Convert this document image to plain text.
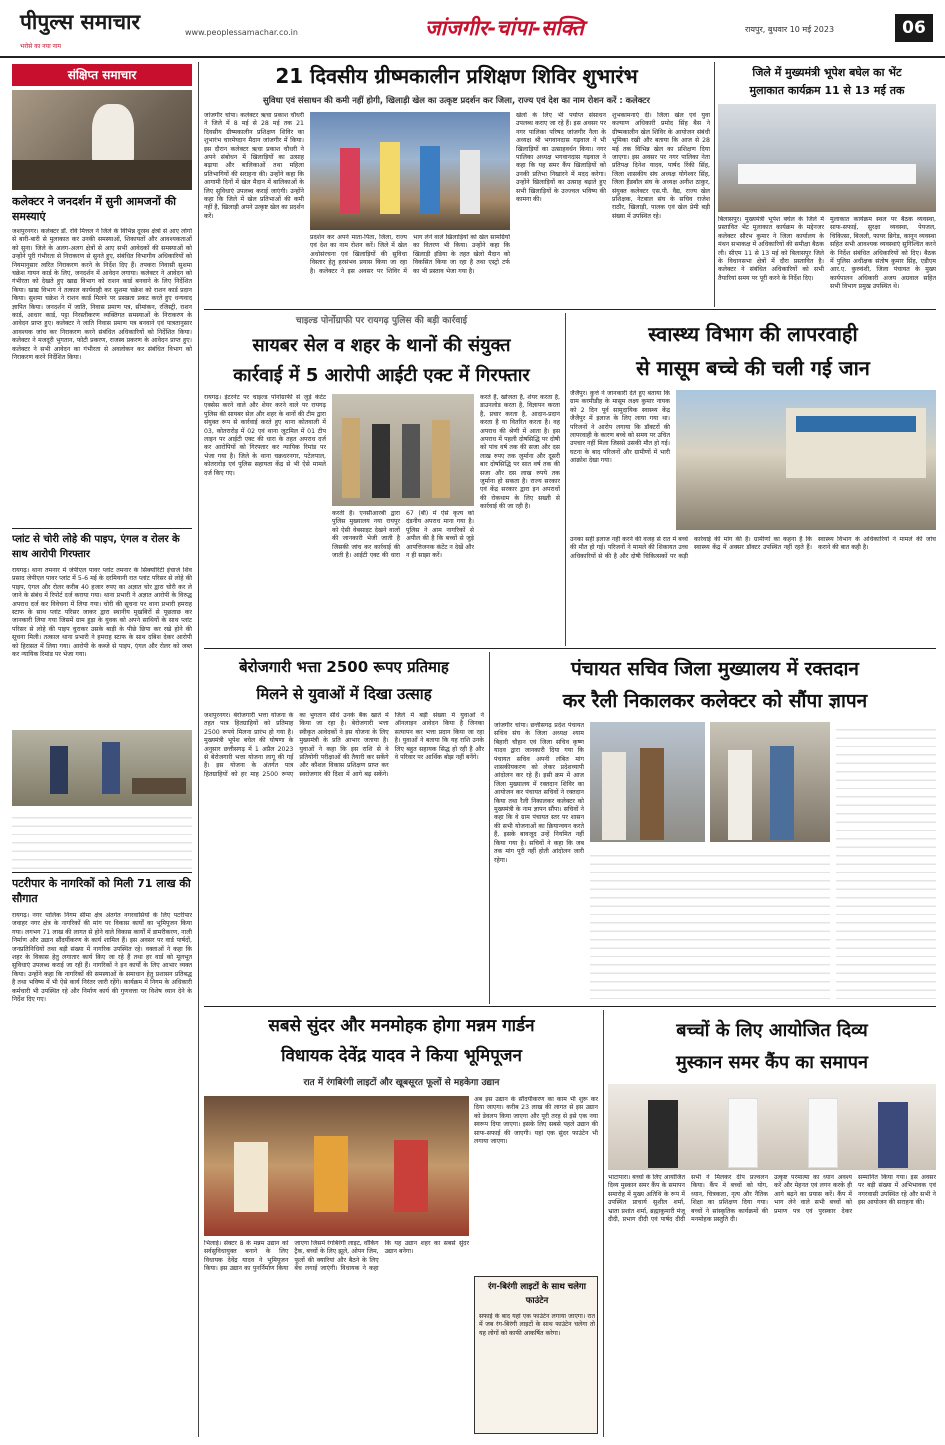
पीपुल्स समाचार
भरोसे का नया नाम
www.peoplessamachar.co.in	जांजगीर-चांपा-सक्ति	रायपुर, बुधवार 10 मई 2023	06
संक्षिप्त समाचार
कलेक्टर ने जनदर्शन में सुनी आमजनों की समस्याएं
जशपुरनगर। कलेक्टर डॉ. रवि मित्तल ने जिले के विभिन्न दूरस्थ क्षेत्रों से आए लोगों से बारी-बारी से मुलाकात कर उनकी समस्याओं, शिकायतों और आवश्यकताओं को सुना। जिले के अलग-अलग क्षेत्रों से आए सभी आवेदकों की समस्याओं को उन्होंने पूरी गंभीरता से निराकरण से सुनते हुए, संबंधित विभागीय अधिकारियों को नियमानुसार त्वरित निराकरण करने के निर्देश दिए हैं। तपकरा निवासी सुशमा चक्रेश गायन कार्ड के लिए, जनदर्शन में आवेदन लगाया। कलेक्टर ने आवेदन को गंभीरता को देखते हुए खाद्य विभाग को राशन कार्ड बनवाने के लिए निर्देशित किया। खाद्य विभाग ने तत्काल कार्यवाही कर सुशमा चक्रेश को राशन कार्ड प्रदान किया। सुशमा चक्रेश ने राशन कार्ड मिलने पर प्रसन्नता प्रकट करते हुए धन्यवाद ज्ञापित किया। जनदर्शन में जाति, निवास प्रमाण पत्र, सीमांकन, रजिस्ट्री, राशन कार्ड, आधार कार्ड, पट्टा निरस्तीकरण व्यक्तिगत समस्याओं के निराकरण के आवेदन प्राप्त हुए। कलेक्टर ने जाति निवास प्रमाण पत्र बनवाने एवं पात्रतानुसार आवश्यक जांच कर निराकरण करने संबंधित अधिकारियों को निर्देशित किया। कलेक्टर ने मजदूरी भुगतान, फोटी प्रकरण, राजस्व प्रकरण के आवेदन प्राप्त हुए। कलेक्टर ने सभी आवेदन का गंभीरता से अवलोकन कर संबंधित विभाग को निराकरण करने निर्देशित किया।
प्लांट से चोरी लोहे की पाइप, एंगल व रोलर के साथ आरोपी गिरफ्तार
रायगढ़। थाना तमनार में जेपीएल पावर प्लांट तमनार के सिक्योरिटी इंचार्ज शिव प्रसाद जेपीएल पावर प्लांट में 5-6 मई के दरमियानी रात प्लांट परिसर से लोहे की पाइप, एंगल और रोलर करीब 40 हजार रुपए का अज्ञात चोर द्वारा चोरी कर ले जाने के संबंध में रिपोर्ट दर्ज कराया गया। थाना प्रभारी ने अज्ञात आरोपी के विरुद्ध अपराध दर्ज कर विवेचना में लिया गया। चोरी की सूचना पर थाना प्रभारी हमराह स्टाफ के साथ प्लांट परिसर जाकर द्वारा स्थानीय मुखबिरों से पूछताछ कर जानकारी लिया गया जिसमें ग्राम हुड़ा के युवक को अपने साथियों के साथ प्लांट परिसर से लोहे की पाइप चुराकर उसके बाड़ी के पीछे छिपा कर रखे होने की सूचना मिली। तत्काल थाना प्रभारी ने हमराह स्टाफ के साथ दबिश देकर आरोपी को हिरासत में लिया गया। आरोपी के कब्जे से पाइप, एंगल और रोलर को जब्त कर न्यायिक रिमांड पर भेजा गया।
पटरीपार के नागरिकों को मिली 71 लाख की सौगात
रायगढ़। नगर पालिक निगम सीमा क्षेत्र अंतर्गत नगरवासियों के लिए पटरीपार जवाहर नगर क्षेत्र के नागरिकों की मांग पर विकास कार्यों का भूमिपूजन किया गया। लगभग 71 लाख की लागत से होने वाले विकास कार्यों में डामरीकरण, नाली निर्माण और उद्यान सौंदर्यीकरण के कार्य शामिल हैं। इस अवसर पर वार्ड पार्षदों, जनप्रतिनिधियों तथा बड़ी संख्या में नागरिक उपस्थित रहे। वक्ताओं ने कहा कि शहर के विकास हेतु लगातार कार्य किए जा रहे हैं तथा हर वार्ड को मूलभूत सुविधाएं उपलब्ध कराई जा रही हैं। नागरिकों ने इन कार्यों के लिए आभार व्यक्त किया। उन्होंने कहा कि नागरिकों की समस्याओं के समाधान हेतु प्रशासन प्रतिबद्ध है तथा भविष्य में भी ऐसे कार्य निरंतर जारी रहेंगे। कार्यक्रम में निगम के अधिकारी कर्मचारी भी उपस्थित रहे और निर्माण कार्य की गुणवत्ता पर विशेष ध्यान देने के निर्देश दिए गए।
21 दिवसीय ग्रीष्मकालीन प्रशिक्षण शिविर शुभारंभ
सुविधा एवं संसाधन की कमी नहीं होगी, खिलाड़ी खेल का उत्कृष्ट प्रदर्शन कर जिला, राज्य एवं देश का नाम रोशन करें : कलेक्टर
जांजगीर चांपा। कलेक्टर ऋचा प्रकाश चौधरी ने जिले में 8 मई से 28 मई तक 21 दिवसीय ग्रीष्मकालीन प्रशिक्षण शिविर का शुभारंभ चारमेघ्दान मैदान जांजगीर में किया। इस दौरान कलेक्टर ऋचा प्रकाश चौधरी ने अपने संबोधन में खिलाड़ियों का उत्साह बढ़ाया और बालिकाओं तथा महिला प्रतिभागियों की सराहना की। उन्होंने कहा कि आगामी दिनों में खेल मैदान में बालिकाओं के लिए सुविधाएं उपलब्ध कराई जाएंगी। उन्होंने कहा कि जिले में खेल प्रतिभाओं की कमी नहीं है, खिलाड़ी अपने उत्कृष्ट खेल का प्रदर्शन करें।
प्रदर्शन कर अपने माता-पिता, जिला, राज्य एवं देश का नाम रोशन करें। जिले में खेल अधोसंरचना एवं खिलाड़ियों की सुविधा विस्तार हेतु हरसंभव प्रयास किया जा रहा है। कलेक्टर ने इस अवसर पर शिविर में भाग लेने वाले खिलाड़ियों को खेल सामग्रियों का वितरण भी किया। उन्होंने कहा कि खिलाड़ी इंडिया के तहत खेलो मैदान को विकसित किया जा रहा है तथा एस्ट्रो टर्फ का भी प्रस्ताव भेजा गया है।
खेलों के लिए भी पर्याप्त संसाधन उपलब्ध कराए जा रहे हैं। इस अवसर पर नगर पालिका परिषद जांजगीर नैला के अध्यक्ष श्री भगवानदास गढ़वाल ने भी खिलाड़ियों का उत्साहवर्धन किया। नगर पालिका अध्यक्ष भगवानदास गढ़वाल ने कहा कि यह समर कैंप खिलाड़ियों को उनकी प्रतिभा निखारने में मदद करेगा। उन्होंने खिलाड़ियों का उत्साह बढ़ाते हुए सभी खिलाड़ियों के उज्ज्वल भविष्य की कामना की।
शुभकामनाएं दी। जिला खेल एवं युवा कल्याण अधिकारी प्रमोद सिंह बैस ने ग्रीष्मकालीन खेल शिविर के आयोजन संबंधी भूमिका रखी और बताया कि आज से 28 मई तक विभिन्न खेल का प्रशिक्षण दिया जाएगा। इस अवसर पर नगर पालिका नेता प्रतिपक्ष दिनेश यादव, पार्षद रिंकी सिंह, जिला शासकीय संघ अध्यक्ष योगेश्वर सिंह, जिला हैंडबॉल संघ के अध्यक्ष अनीश ठाकुर, संयुक्त कलेक्टर एस.पी. वैद्य, राज्य खेल प्रशिक्षक, नेटबाल संघ के सचिव राजेश राठौर, खिलाड़ी, पालक एवं खेल प्रेमी बड़ी संख्या में उपस्थित रहे।
जिले में मुख्यमंत्री भूपेश बघेल का भेंट
मुलाकात कार्यक्रम 11 से 13 मई तक
बिलासपुर। मुख्यमंत्री भूपेश बघेल के जिले में प्रस्तावित भेंट मुलाकात कार्यक्रम के मद्देनजर कलेक्टर सौरभ कुमार ने जिला कार्यालय के मंथन सभाकक्ष में अधिकारियों की समीक्षा बैठक ली। सीएम 11 से 13 मई को बिलासपुर जिले के विधानसभा क्षेत्रों में दौरा प्रस्तावित है। कलेक्टर ने संबंधित अधिकारियों को सभी तैयारियां समय पर पूरी करने के निर्देश दिए।
मुलाकात कार्यक्रम स्थल पर बैठक व्यवस्था, साफ-सफाई, सुरक्षा व्यवस्था, पेयजल, चिकित्सा, बिजली, फायर ब्रिगेड, कानून व्यवस्था सहित सभी आवश्यक व्यवस्थाएं सुनिश्चित करने के निर्देश संबंधित अधिकारियों को दिए। बैठक में पुलिस अधीक्षक संतोष कुमार सिंह, एडीएम आर.ए. कुरुवंशी, जिला पंचायत के मुख्य कार्यपालन अधिकारी अजय अग्रवाल सहित सभी विभाग प्रमुख उपस्थित थे।
चाइल्ड पोर्नोग्राफी पर रायगढ़ पुलिस की बड़ी कार्रवाई
सायबर सेल व शहर के थानों की संयुक्त
कार्रवाई में 5 आरोपी आईटी एक्ट में गिरफ्तार
रायगढ़। इंटरनेट पर चाइल्ड पोर्नोग्राफी से जुड़े कंटेंट एक्सेस करने वाले और शेयर करने वाले पर रायगढ़ पुलिस की सायबर सेल और शहर के थानों की टीम द्वारा संयुक्त रूप से कार्रवाई करते हुए थाना कोतवाली में 03, कोतरारोड़ में 02 एवं थाना जूटमिल में 01 टीप लाइन पर आईटी एक्ट की धारा के तहत अपराध दर्ज कर आरोपियों को गिरफ्तार कर न्यायिक रिमांड पर भेजा गया है। जिले के थाना चक्रधरनगर, पटेलपाल, कोतरारोड़ एवं पुलिस सहायता केंद्र से भी ऐसे मामले दर्ज किए गए।
करती है। एनसीआरबी द्वारा पुलिस मुख्यालय नया रायपुर को ऐसी वेबसाइट देखने वालों की जानकारी भेजी जाती है जिसकी जांच कर कार्रवाई की जाती है। आईटी एक्ट की धारा 67 (बी) में ऐसे कृत्य को दंडनीय अपराध माना गया है। पुलिस ने आम नागरिकों से अपील की है कि बच्चों से जुड़े आपत्तिजनक कंटेंट न देखें और न ही साझा करें।
करते हैं, खोजता है, शेयर करता है, डाउनलोड करता है, विज्ञापन करता है, प्रचार करता है, आदान-प्रदान करता है या वितरित करता है। वह अपराध की श्रेणी में आता है। इस अपराध में पहली दोषसिद्धि पर दोषी को पांच वर्ष तक की सजा और दस लाख रुपए तक जुर्माना और दूसरी बार दोषसिद्धि पर सात वर्ष तक की सजा और दस लाख रुपये तक जुर्माना हो सकता है। राज्य सरकार एवं केंद्र सरकार द्वारा इन अपराधों की रोकथाम के लिए सख्ती से कार्रवाई की जा रही है।
स्वास्थ्य विभाग की लापरवाही
से मासूम बच्चे की चली गई जान
जैजैपुर। कुत्ते ने जानकारी देते हुए बताया कि ग्राम करमीडीह के मासूम लक्ष्य कुमार नायक को 2 दिन पूर्व सामुदायिक स्वास्थ्य केंद्र जैजैपुर में इलाज के लिए लाया गया था। परिजनों ने आरोप लगाया कि डॉक्टरों की लापरवाही के कारण बच्चे को समय पर उचित उपचार नहीं मिला जिससे उसकी मौत हो गई। घटना के बाद परिजनों और ग्रामीणों में भारी आक्रोश देखा गया।
उनका सही इलाज नहीं करने की वजह से रात में बच्चे की मौत हो गई। परिजनों ने मामले की शिकायत उच्च अधिकारियों से की है और दोषी चिकित्सकों पर कड़ी कार्रवाई की मांग की है। ग्रामीणों का कहना है कि स्वास्थ्य केंद्र में अक्सर डॉक्टर उपस्थित नहीं रहते हैं। स्वास्थ्य विभाग के अधिकारियों ने मामले की जांच कराने की बात कही है।
बेरोजगारी भत्ता 2500 रूपए प्रतिमाह
मिलने से युवाओं में दिखा उत्साह
जशपुरनगर। बेरोजगारी भत्ता योजना के तहत पात्र हितग्राहियों को प्रतिमाह 2500 रूपये मिलना प्रारंभ हो गया है। मुख्यमंत्री भूपेश बघेल की घोषणा के अनुसार छत्तीसगढ़ में 1 अप्रैल 2023 से बेरोजगारी भत्ता योजना लागू की गई है। इस योजना के अंतर्गत पात्र हितग्राहियों को हर माह 2500 रूपए का भुगतान सीधे उनके बैंक खाते में किया जा रहा है। बेरोजगारी भत्ता स्वीकृत आवेदकों ने इस योजना के लिए मुख्यमंत्री के प्रति आभार जताया है। युवाओं ने कहा कि इस राशि से वे प्रतियोगी परीक्षाओं की तैयारी कर सकेंगे और कौशल विकास प्रशिक्षण प्राप्त कर स्वरोजगार की दिशा में आगे बढ़ सकेंगे। जिले में बड़ी संख्या में युवाओं ने ऑनलाइन आवेदन किया है जिनका सत्यापन कर भत्ता प्रदान किया जा रहा है। युवाओं ने बताया कि यह राशि उनके लिए बहुत सहायक सिद्ध हो रही है और वे परिवार पर आर्थिक बोझ नहीं बनेंगे।
पंचायत सचिव जिला मुख्यालय में रक्तदान
कर रैली निकालकर कलेक्टर को सौंपा ज्ञापन
जांजगीर चांपा। छत्तीसगढ़ प्रदेश पंचायत सचिव संघ के जिला अध्यक्ष श्याम बिहारी चौहान एवं जिला सचिव कृष्ण यादव द्वारा जानकारी दिया गया कि पंचायत सचिव अपनी लंबित मांग शासकीयकरण को लेकर प्रदेशव्यापी आंदोलन कर रहे हैं। इसी क्रम में आज जिला मुख्यालय में रक्तदान शिविर का आयोजन कर पंचायत सचिवों ने रक्तदान किया तथा रैली निकालकर कलेक्टर को मुख्यमंत्री के नाम ज्ञापन सौंपा। सचिवों ने कहा कि वे ग्राम पंचायत स्तर पर शासन की सभी योजनाओं का क्रियान्वयन करते हैं, इसके बावजूद उन्हें नियमित नहीं किया गया है। सचिवों ने कहा कि जब तक मांग पूरी नहीं होती आंदोलन जारी रहेगा।
सबसे सुंदर और मनमोहक होगा मन्नम गार्डन
विधायक देवेंद्र यादव ने किया भूमिपूजन
रात में रंगबिरंगी लाइटों और खूबसूरत फूलों से महकेगा उद्यान
भिलाई। सेक्टर 8 के मन्नम उद्यान को सर्वसुविधायुक्त बनाने के लिए विधायक देवेंद्र यादव ने भूमिपूजन किया। इस उद्यान का पुनर्निर्माण किया जाएगा जिसमें रंगबिरंगी लाइट, वॉकिंग ट्रैक, बच्चों के लिए झूले, ओपन जिम, फूलों की क्यारियां और बैठने के लिए बेंच लगाई जाएंगी। विधायक ने कहा कि यह उद्यान शहर का सबसे सुंदर उद्यान बनेगा।
अब इस उद्यान के सौंदर्यीकरण का काम भी शुरू कर दिया जाएगा। करीब 23 लाख की लागत से इस उद्यान को डेवलप किया जाएगा और पूरी तरह से इसे एक नया स्वरूप दिया जाएगा। इसके लिए सबसे पहले उद्यान की साफ-सफाई की जाएगी। यहां एक सुंदर फाउंटेन भी लगाया जाएगा।
रंग-बिरंगी लाइटों के साथ चलेगा फाउंटेन
सफाई के बाद यहां एक फाउंटेन लगाया जाएगा। रात में जब रंग-बिरंगी लाइटों के साथ फाउंटेन चलेगा तो यह लोगों को काफी आकर्षित करेगा।
बच्चों के लिए आयोजित दिव्य
मुस्कान समर कैंप का समापन
भाटापारा। बच्चों के लिए आयोजित दिव्य मुस्कान समर कैंप के समापन समारोह में मुख्य अतिथि के रूप में उपस्थित प्राचार्य सुशील शर्मा, भ्राता प्रशांत शर्मा, ब्रह्माकुमारी मंजू दीदी, प्रभाग दीदी एवं पार्षद दीदी सभी ने मिलकर दीप प्रज्वलन किया। कैंप में बच्चों को योग, ध्यान, चित्रकला, नृत्य और नैतिक शिक्षा का प्रशिक्षण दिया गया। बच्चों ने सांस्कृतिक कार्यक्रमों की मनमोहक प्रस्तुति दी।
उत्कृष्ट परमात्मा का ध्यान अवश्य करें और मेहनत एवं लगन करके ही आगे बढ़ने का प्रयास करें। कैंप में भाग लेने वाले सभी बच्चों को प्रमाण पत्र एवं पुरस्कार देकर सम्मानित किया गया। इस अवसर पर बड़ी संख्या में अभिभावक एवं नगरवासी उपस्थित रहे और सभी ने इस आयोजन की सराहना की।
